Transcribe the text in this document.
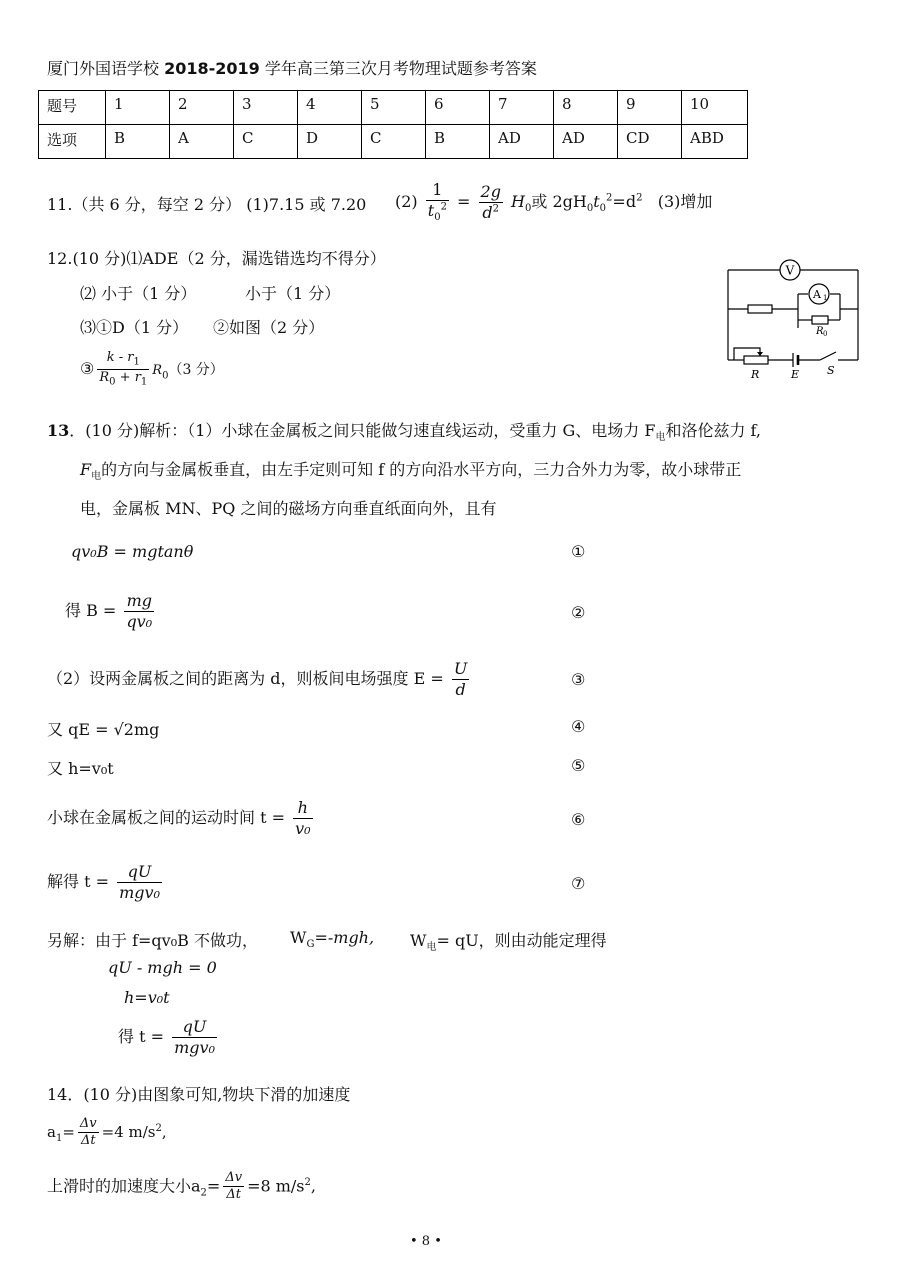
厦门外国语学校 2018-2019 学年高三第三次月考物理试题参考答案
题号	1	2	3	4	5	6	7	8	9	10
选项	B	A	C	D	C	B	AD	AD	CD	ABD
11.（共 6 分，每空 2 分） (1)7.15 或 7.20 $(2) \frac{1}{t_0^2} = \frac{2g}{d^2} H_0$或 $2gH_0t_0^2=d^2$ (3)增加
12.(10 分)⑴ADE（2 分，漏选错选均不得分）
⑵ 小于（1 分）	小于（1 分）
⑶①D（1 分） ②如图（2 分）
③ $\frac{k - r_1}{R_0 + r_1} R_0(3$ 分）
V
A 1
R 0
R	E	S
13．(10 分)解析：（1）小球在金属板之间只能做匀速直线运动，受重力 G、电场力 $F_电$和洛伦兹力 f,
$F_电$的方向与金属板垂直，由左手定则可知 f 的方向沿水平方向，三力合外力为零，故小球带正
电，金属板 MN、PQ 之间的磁场方向垂直纸面向外，且有
qv₀B = mgtanθ	①
得 $B = \frac{mg}{\text{qv₀}}$	②
（2）设两金属板之间的距离为 d，则板间电场强度 $E = \frac{U}{d}$	③
又 qE = √2mg	④
又 h=v₀t	⑤
小球在金属板之间的运动时间 $t = \frac{h}{\text{v₀}}$	⑥
解得 $t = \frac{qU}{\text{mgv₀}}$	⑦
另解：由于 f=qv₀B 不做功， $W_G=$-mgh, $W_电=$ qU，则由动能定理得
qU - mgh = 0
h=v₀t
得 $t = \frac{qU}{\text{mgv₀}}$
14．(10 分)由图象可知,物块下滑的加速度
$a_1= \frac{\Delta v}{\Delta t} =4$ $m/s^2$,
上滑时的加速度大小$a_2= \frac{\Delta v}{\Delta t} =8$ $m/s^2$,
• 8 •
